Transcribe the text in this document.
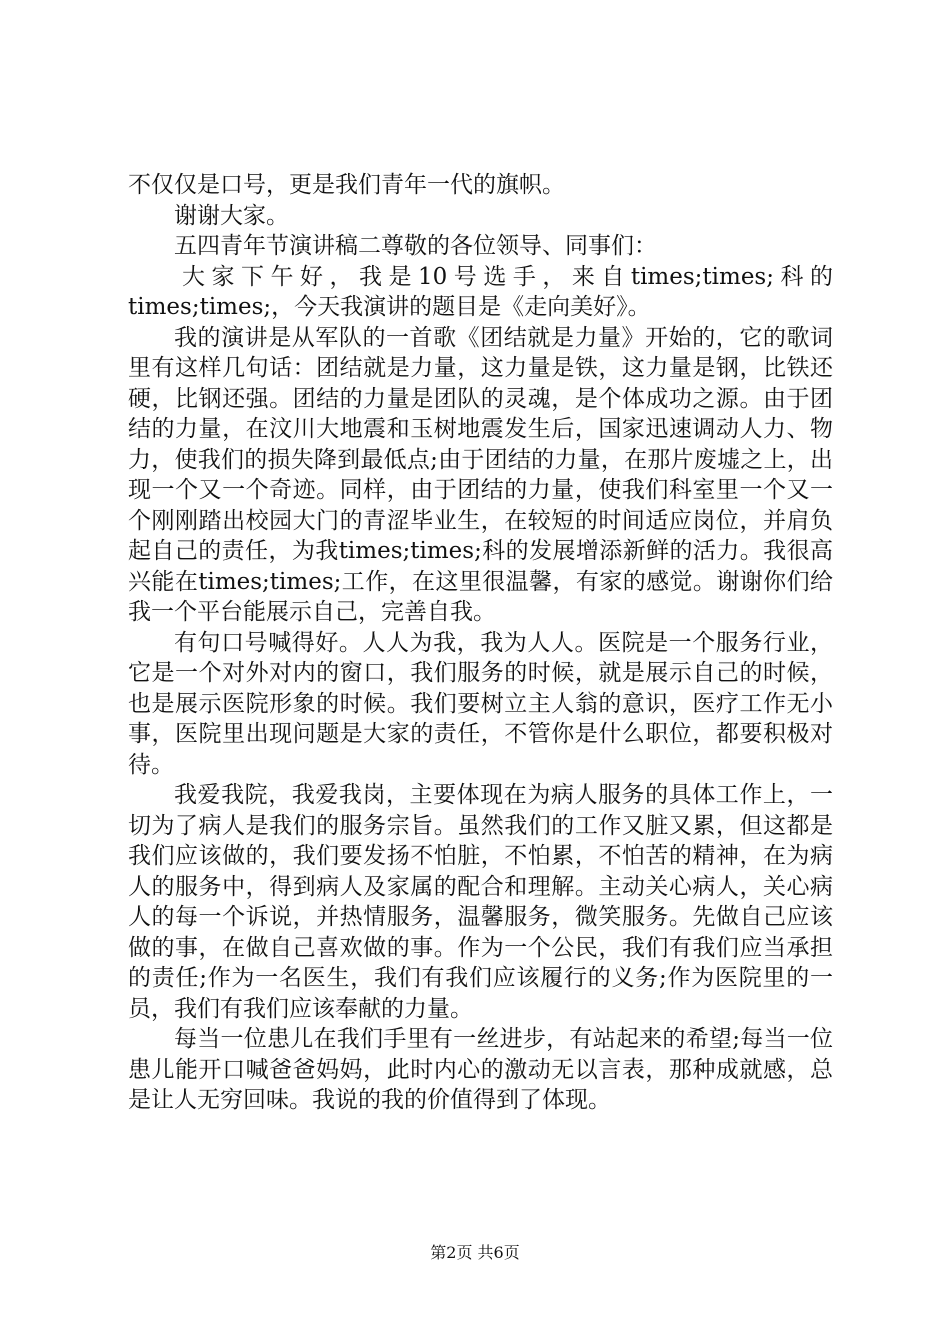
不仅仅是口号，更是我们青年一代的旗帜。

谢谢大家。

五四青年节演讲稿二尊敬的各位领导、同事们：

大家下午好，我是10号选手，来自times;times;科的times;times;，今天我演讲的题目是《走向美好》。

我的演讲是从军队的一首歌《团结就是力量》开始的，它的歌词里有这样几句话：团结就是力量，这力量是铁，这力量是钢，比铁还硬，比钢还强。团结的力量是团队的灵魂，是个体成功之源。由于团结的力量，在汶川大地震和玉树地震发生后，国家迅速调动人力、物力，使我们的损失降到最低点;由于团结的力量，在那片废墟之上，出现一个又一个奇迹。同样，由于团结的力量，使我们科室里一个又一个刚刚踏出校园大门的青涩毕业生，在较短的时间适应岗位，并肩负起自己的责任，为我times;times;科的发展增添新鲜的活力。我很高兴能在times;times;工作，在这里很温馨，有家的感觉。谢谢你们给我一个平台能展示自己，完善自我。

有句口号喊得好。人人为我，我为人人。医院是一个服务行业，它是一个对外对内的窗口，我们服务的时候，就是展示自己的时候，也是展示医院形象的时候。我们要树立主人翁的意识，医疗工作无小事，医院里出现问题是大家的责任，不管你是什么职位，都要积极对待。

我爱我院，我爱我岗，主要体现在为病人服务的具体工作上，一切为了病人是我们的服务宗旨。虽然我们的工作又脏又累，但这都是我们应该做的，我们要发扬不怕脏，不怕累，不怕苦的精神，在为病人的服务中，得到病人及家属的配合和理解。主动关心病人，关心病人的每一个诉说，并热情服务，温馨服务，微笑服务。先做自己应该做的事，在做自己喜欢做的事。作为一个公民，我们有我们应当承担的责任;作为一名医生，我们有我们应该履行的义务;作为医院里的一员，我们有我们应该奉献的力量。

每当一位患儿在我们手里有一丝进步，有站起来的希望;每当一位患儿能开口喊爸爸妈妈，此时内心的激动无以言表，那种成就感，总是让人无穷回味。我说的我的价值得到了体现。

第2页 共6页
